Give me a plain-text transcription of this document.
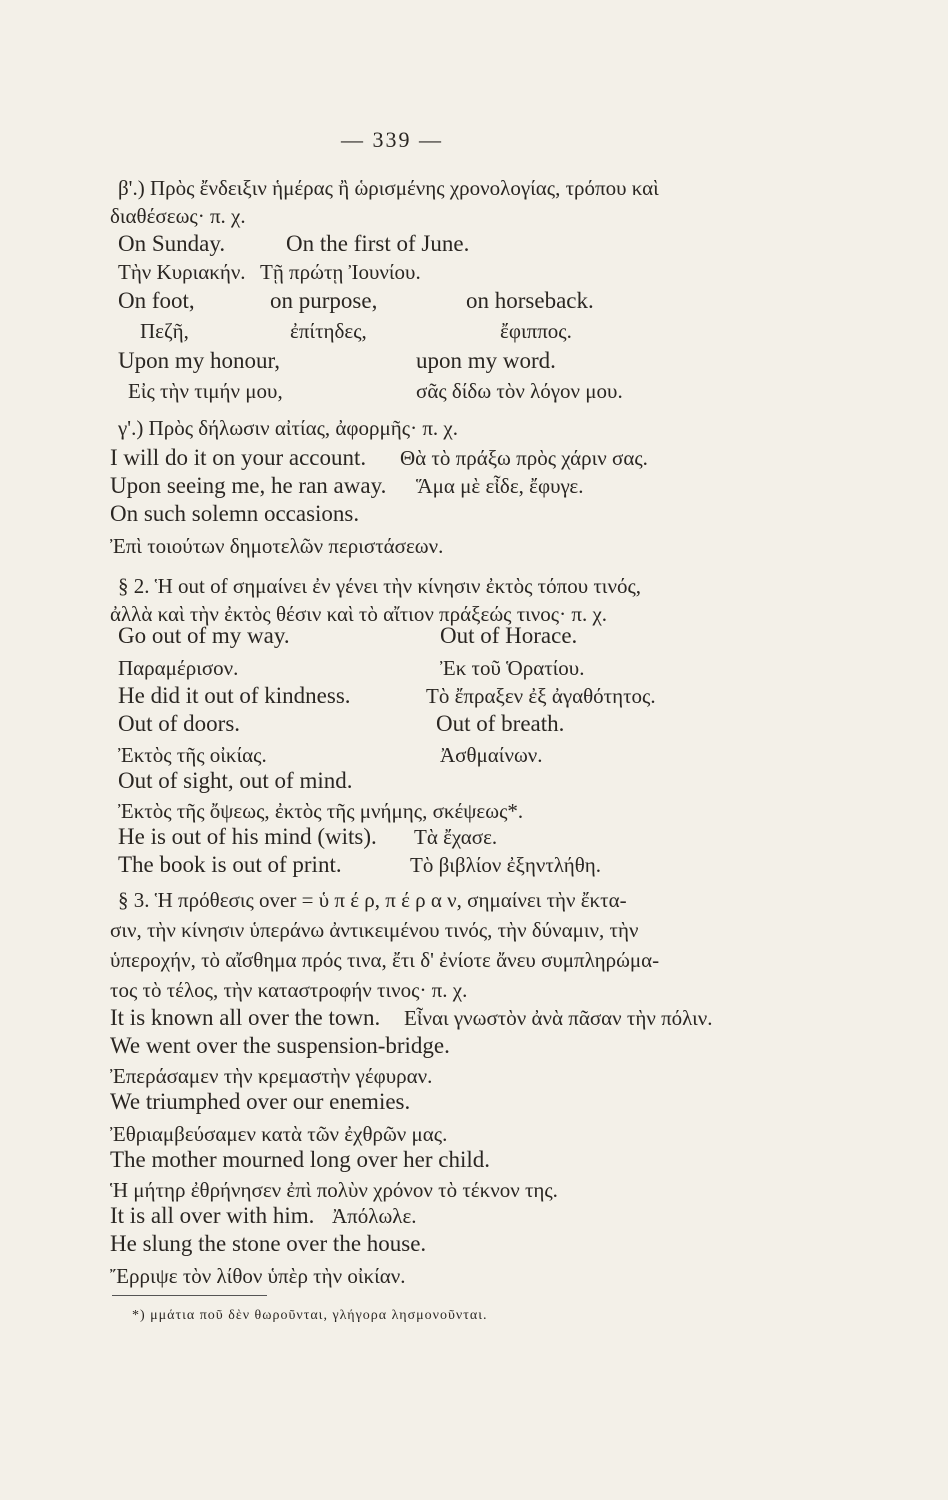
— 339 —
β'.) Πρὸς ἔνδειξιν ἡμέρας ἢ ὡρισμένης χρονολογίας, τρόπου καὶ
διαθέσεως· π. χ.
On Sunday.	On the first of June.
Τὴν Κυριακήν. Τῇ πρώτῃ Ἰουνίου.
On foot,	on purpose,	on horseback.
Πεζῆ,	ἐπίτηδες,	ἔφιππος.
Upon my honour,	upon my word.
Εἰς τὴν τιμήν μου,	σᾶς δίδω τὸν λόγον μου.
γ'.) Πρὸς δήλωσιν αἰτίας, ἀφορμῆς· π. χ.
I will do it on your account. Θὰ τὸ πράξω πρὸς χάριν σας.
Upon seeing me, he ran away. Ἅμα μὲ εἶδε, ἔφυγε.
On such solemn occasions.
Ἐπὶ τοιούτων δημοτελῶν περιστάσεων.
§ 2. Ἡ out of σημαίνει ἐν γένει τὴν κίνησιν ἐκτὸς τόπου τινός,
ἀλλὰ καὶ τὴν ἐκτὸς θέσιν καὶ τὸ αἴτιον πράξεώς τινος· π. χ.
Go out of my way.	Out of Horace.
Παραμέρισον.	Ἐκ τοῦ Ὁρατίου.
He did it out of kindness.	Τὸ ἔπραξεν ἐξ ἀγαθότητος.
Out of doors.	Out of breath.
Ἐκτὸς τῆς οἰκίας.	Ἀσθμαίνων.
Out of sight, out of mind.
Ἐκτὸς τῆς ὄψεως, ἐκτὸς τῆς μνήμης, σκέψεως*.
He is out of his mind (wits). Τὰ ἔχασε.
The book is out of print.	Τὸ βιβλίον ἐξηντλήθη.
§ 3. Ἡ πρόθεσις over = ὑ π έ ρ, π έ ρ α ν, σημαίνει τὴν ἔκτα-
σιν, τὴν κίνησιν ὑπεράνω ἀντικειμένου τινός, τὴν δύναμιν, τὴν
ὑπεροχήν, τὸ αἴσθημα πρός τινα, ἔτι δ' ἐνίοτε ἄνευ συμπληρώμα-
τος τὸ τέλος, τὴν καταστροφήν τινος· π. χ.
It is known all over the town. Εἶναι γνωστὸν ἀνὰ πᾶσαν τὴν πόλιν.
We went over the suspension-bridge.
Ἐπεράσαμεν τὴν κρεμαστὴν γέφυραν.
We triumphed over our enemies.
Ἐθριαμβεύσαμεν κατὰ τῶν ἐχθρῶν μας.
The mother mourned long over her child.
Ἡ μήτηρ ἐθρήνησεν ἐπὶ πολὺν χρόνον τὸ τέκνον της.
It is all over with him. Ἀπόλωλε.
He slung the stone over the house.
Ἔρριψε τὸν λίθον ὑπὲρ τὴν οἰκίαν.
*) μμάτια ποῦ δὲν θωροῦνται, γλήγορα λησμονοῦνται.
